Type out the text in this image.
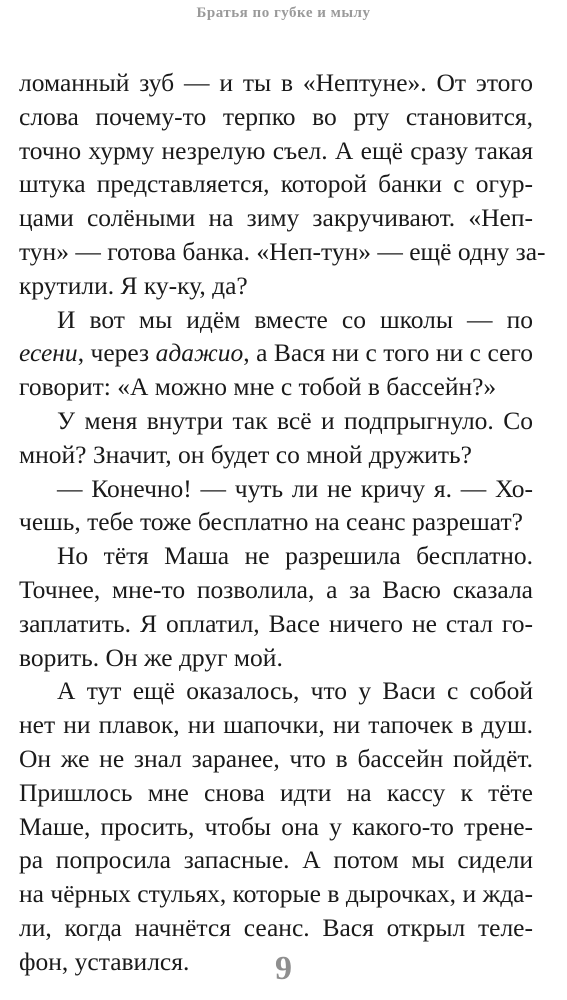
Братья по губке и мылу
ломанный зуб — и ты в «Нептуне». От этого
слова почему-то терпко во рту становится,
точно хурму незрелую съел. А ещё сразу такая
штука представляется, которой банки с огур-
цами солёными на зиму закручивают. «Неп-
тун» — готова банка. «Неп-тун» — ещё одну за-
крутили. Я ку-ку, да?
И вот мы идём вместе со школы — по
есени, через адажио, а Вася ни с того ни с сего
говорит: «А можно мне с тобой в бассейн?»
У меня внутри так всё и подпрыгнуло. Со
мной? Значит, он будет со мной дружить?
— Конечно! — чуть ли не кричу я. — Хо-
чешь, тебе тоже бесплатно на сеанс разрешат?
Но тётя Маша не разрешила бесплатно.
Точнее, мне-то позволила, а за Васю сказала
заплатить. Я оплатил, Васе ничего не стал го-
ворить. Он же друг мой.
А тут ещё оказалось, что у Васи с собой
нет ни плавок, ни шапочки, ни тапочек в душ.
Он же не знал заранее, что в бассейн пойдёт.
Пришлось мне снова идти на кассу к тёте
Маше, просить, чтобы она у какого-то трене-
ра попросила запасные. А потом мы сидели
на чёрных стульях, которые в дырочках, и жда-
ли, когда начнётся сеанс. Вася открыл теле-
фон, уставился.	9
